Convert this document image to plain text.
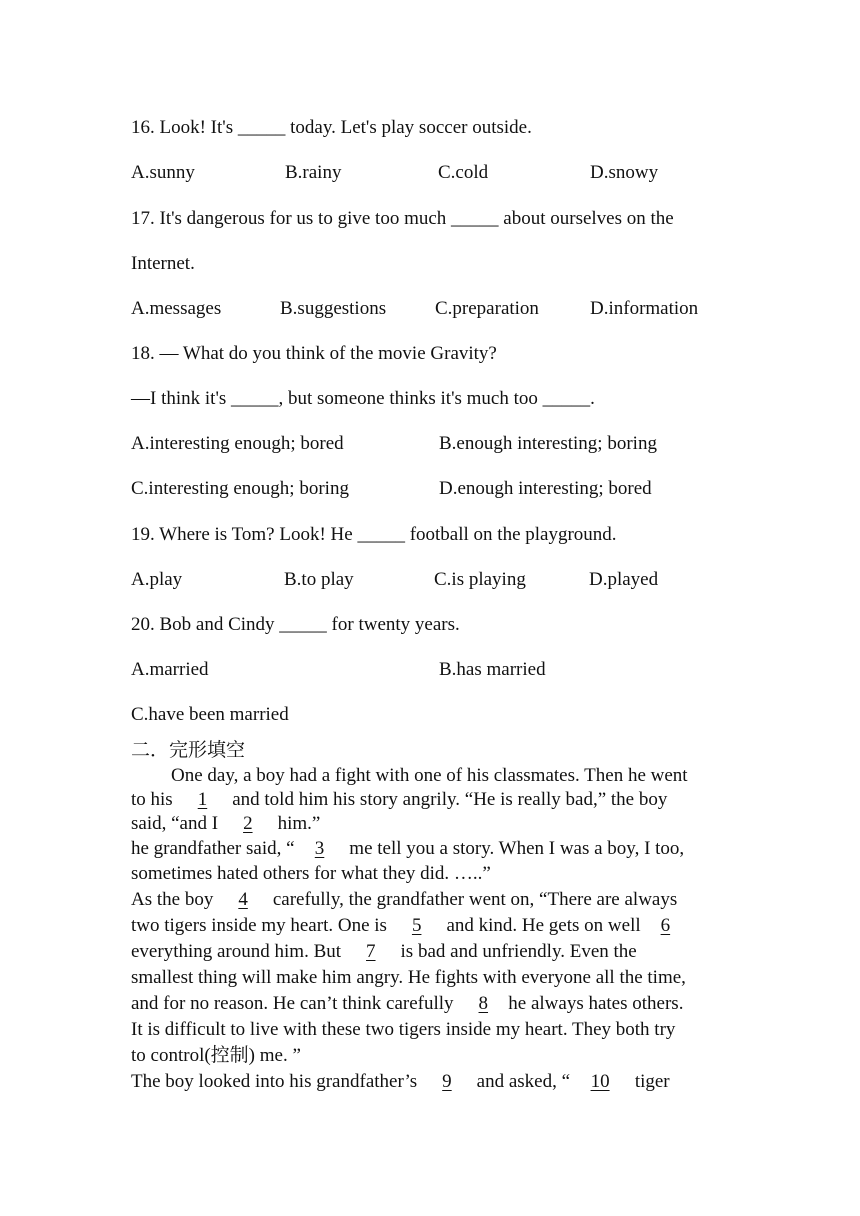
16. Look! It's _____ today. Let's play soccer outside.
A.sunny	B.rainy	C.cold	D.snowy
17. It's dangerous for us to give too much _____ about ourselves on the
Internet.
A.messages	B.suggestions	C.preparation	D.information
18. — What do you think of the movie Gravity?
—I think it's _____, but someone thinks it's much too _____.
A.interesting enough; bored	B.enough interesting; boring
C.interesting enough; boring	D.enough interesting; bored
19. Where is Tom? Look! He _____ football on the playground.
A.play	B.to play	C.is playing	D.played
20. Bob and Cindy _____ for twenty years.
A.married	B.has married
C.have been married
二．完形填空
One day, a boy had a fight with one of his classmates. Then he went
to his 1 and told him his story angrily. “He is really bad,” the boy
said, “and I 2 him.”
he grandfather said, “ 3 me tell you a story. When I was a boy, I too,
sometimes hated others for what they did. …..”
As the boy 4 carefully, the grandfather went on, “There are always
two tigers inside my heart. One is 5 and kind. He gets on well 6
everything around him. But 7 is bad and unfriendly. Even the
smallest thing will make him angry. He fights with everyone all the time,
and for no reason. He can’t think carefully 8 he always hates others.
It is difficult to live with these two tigers inside my heart. They both try
to control(控制) me. ”
The boy looked into his grandfather’s 9 and asked, “ 10 tiger
